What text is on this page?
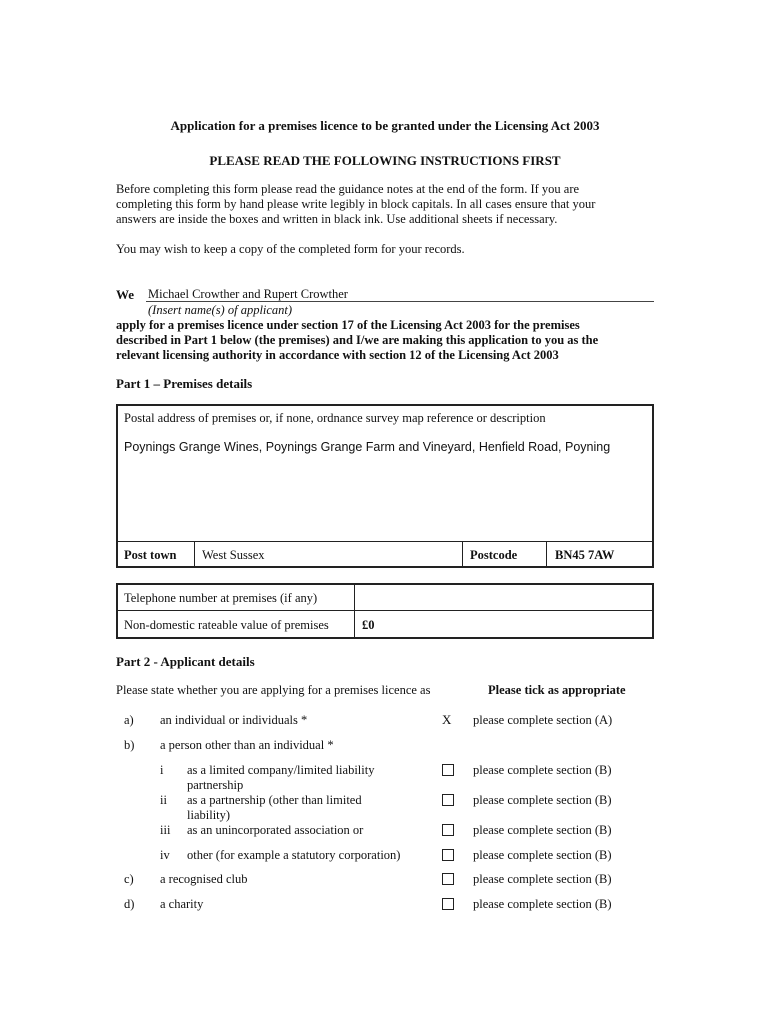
Application for a premises licence to be granted under the Licensing Act 2003
PLEASE READ THE FOLLOWING INSTRUCTIONS FIRST
Before completing this form please read the guidance notes at the end of the form. If you are
completing this form by hand please write legibly in block capitals. In all cases ensure that your
answers are inside the boxes and written in black ink. Use additional sheets if necessary.
You may wish to keep a copy of the completed form for your records.
We Michael Crowther and Rupert Crowther
(Insert name(s) of applicant)
apply for a premises licence under section 17 of the Licensing Act 2003 for the premises
described in Part 1 below (the premises) and I/we are making this application to you as the
relevant licensing authority in accordance with section 12 of the Licensing Act 2003
Part 1 – Premises details
Postal address of premises or, if none, ordnance survey map reference or description
Poynings Grange Wines, Poynings Grange Farm and Vineyard, Henfield Road, Poyning
Post town West Sussex	Postcode	BN45 7AW
Telephone number at premises (if any)
Non-domestic rateable value of premises	£0
Part 2 - Applicant details
Please state whether you are applying for a premises licence as	Please tick as appropriate
a) an individual or individuals *	X please complete section (A)
b) a person other than an individual *
i as a limited company/limited liability
partnership
please complete section (B)
ii as a partnership (other than limited
liability)
please complete section (B)
iii as an unincorporated association or	please complete section (B)
iv other (for example a statutory corporation)	please complete section (B)
c) a recognised club	please complete section (B)
d) a charity	please complete section (B)
